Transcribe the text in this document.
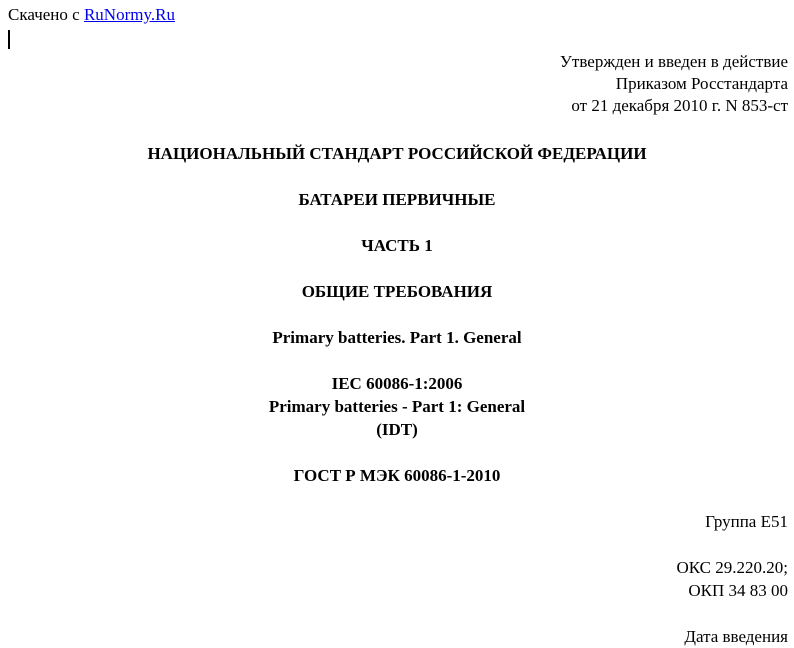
Скачено с RuNormy.Ru
Утвержден и введен в действие
Приказом Росстандарта
от 21 декабря 2010 г. N 853-ст
НАЦИОНАЛЬНЫЙ СТАНДАРТ РОССИЙСКОЙ ФЕДЕРАЦИИ
БАТАРЕИ ПЕРВИЧНЫЕ
ЧАСТЬ 1
ОБЩИЕ ТРЕБОВАНИЯ
Primary batteries. Part 1. General
IEC 60086-1:2006
Primary batteries - Part 1: General
(IDT)
ГОСТ Р МЭК 60086-1-2010
Группа Е51
ОКС 29.220.20;
ОКП 34 83 00
Дата введения
